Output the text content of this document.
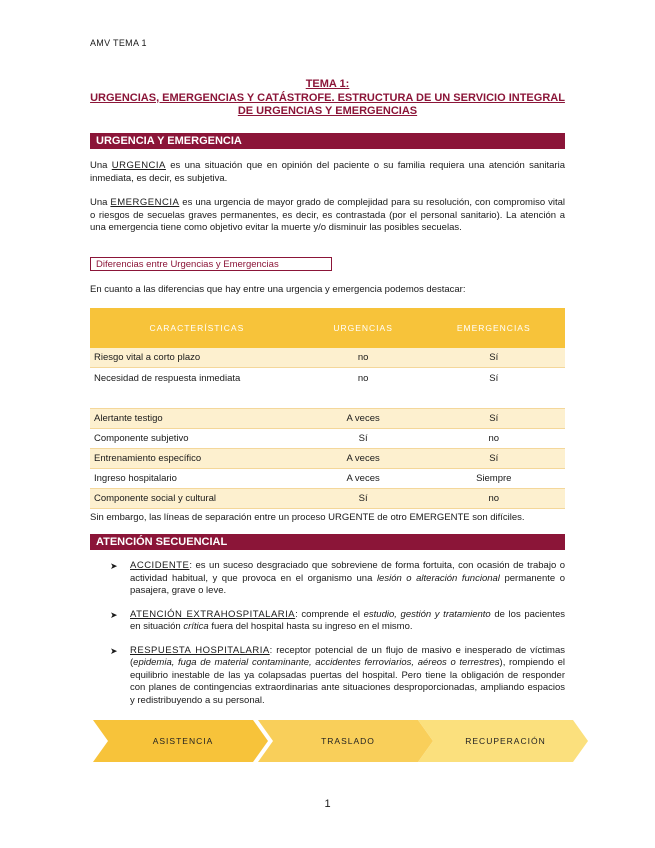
AMV TEMA 1
TEMA 1:
URGENCIAS, EMERGENCIAS Y CATÁSTROFE. ESTRUCTURA DE UN SERVICIO INTEGRAL
DE URGENCIAS Y EMERGENCIAS
URGENCIA Y EMERGENCIA
Una URGENCIA es una situación que en opinión del paciente o su familia requiera una atención sanitaria inmediata, es decir, es subjetiva.
Una EMERGENCIA es una urgencia de mayor grado de complejidad para su resolución, con compromiso vital o riesgos de secuelas graves permanentes, es decir, es contrastada (por el personal sanitario). La atención a una emergencia tiene como objetivo evitar la muerte y/o disminuir las posibles secuelas.
Diferencias entre Urgencias y Emergencias
En cuanto a las diferencias que hay entre una urgencia y emergencia podemos destacar:
CARACTERÍSTICAS	URGENCIAS	EMERGENCIAS
Riesgo vital a corto plazo	no	Sí
Necesidad de respuesta inmediata	no	Sí
Alertante testigo	A veces	Sí
Componente subjetivo	Sí	no
Entrenamiento específico	A veces	Sí
Ingreso hospitalario	A veces	Siempre
Componente social y cultural	Sí	no
Sin embargo, las líneas de separación entre un proceso URGENTE de otro EMERGENTE son difíciles.
ATENCIÓN SECUENCIAL
➤ ACCIDENTE: es un suceso desgraciado que sobreviene de forma fortuita, con ocasión de trabajo o actividad habitual, y que provoca en el organismo una lesión o alteración funcional permanente o pasajera, grave o leve.
➤ ATENCIÓN EXTRAHOSPITALARIA: comprende el estudio, gestión y tratamiento de los pacientes en situación crítica fuera del hospital hasta su ingreso en el mismo.
➤ RESPUESTA HOSPITALARIA: receptor potencial de un flujo de masivo e inesperado de víctimas (epidemia, fuga de material contaminante, accidentes ferroviarios, aéreos o terrestres), rompiendo el equilibrio inestable de las ya colapsadas puertas del hospital. Pero tiene la obligación de responder con planes de contingencias extraordinarias ante situaciones desproporcionadas, ampliando espacios y redistribuyendo a su personal.
ASISTENCIA	TRASLADO	RECUPERACIÓN
1
